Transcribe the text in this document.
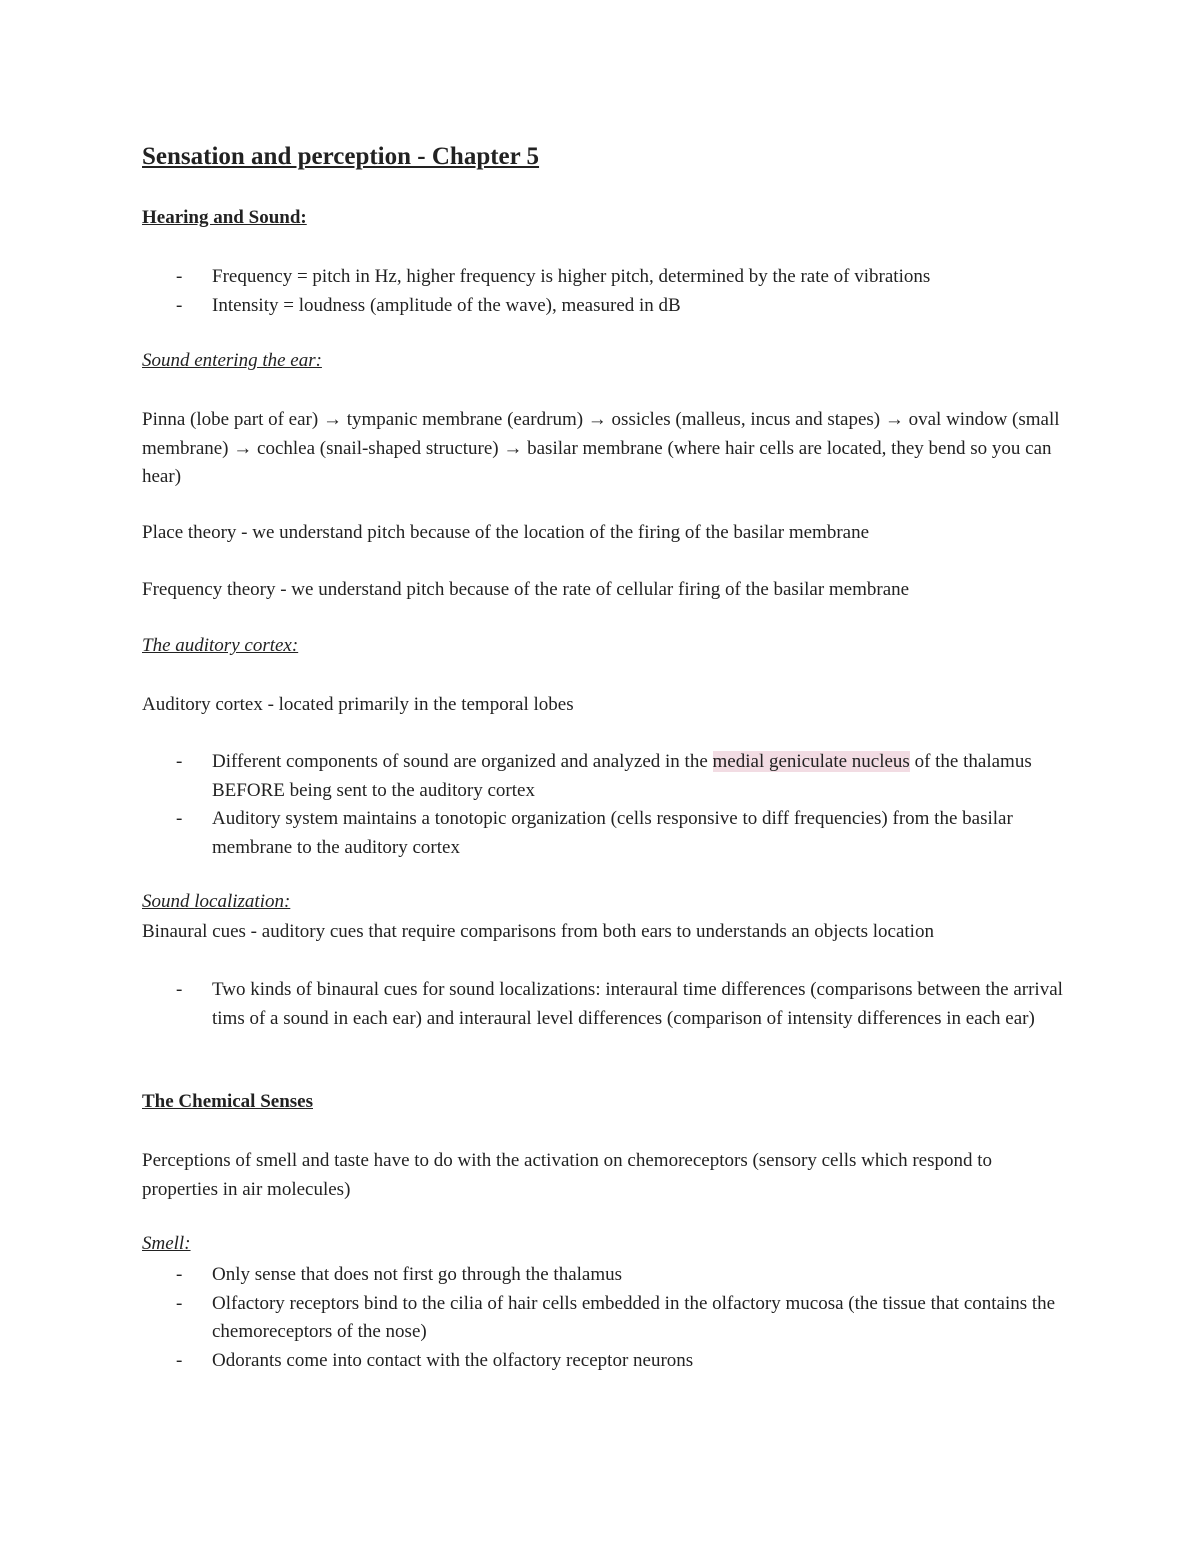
Sensation and perception - Chapter 5
Hearing and Sound:
- Frequency = pitch in Hz, higher frequency is higher pitch, determined by the rate of vibrations
- Intensity = loudness (amplitude of the wave), measured in dB
Sound entering the ear:
Pinna (lobe part of ear) → tympanic membrane (eardrum) → ossicles (malleus, incus and stapes) → oval window (small membrane) → cochlea (snail-shaped structure) → basilar membrane (where hair cells are located, they bend so you can hear)
Place theory - we understand pitch because of the location of the firing of the basilar membrane
Frequency theory - we understand pitch because of the rate of cellular firing of the basilar membrane
The auditory cortex:
Auditory cortex - located primarily in the temporal lobes
- Different components of sound are organized and analyzed in the medial geniculate nucleus of the thalamus BEFORE being sent to the auditory cortex
- Auditory system maintains a tonotopic organization (cells responsive to diff frequencies) from the basilar membrane to the auditory cortex
Sound localization:
Binaural cues - auditory cues that require comparisons from both ears to understands an objects location
- Two kinds of binaural cues for sound localizations: interaural time differences (comparisons between the arrival tims of a sound in each ear) and interaural level differences (comparison of intensity differences in each ear)
The Chemical Senses
Perceptions of smell and taste have to do with the activation on chemoreceptors (sensory cells which respond to properties in air molecules)
Smell:
- Only sense that does not first go through the thalamus
- Olfactory receptors bind to the cilia of hair cells embedded in the olfactory mucosa (the tissue that contains the chemoreceptors of the nose)
- Odorants come into contact with the olfactory receptor neurons
